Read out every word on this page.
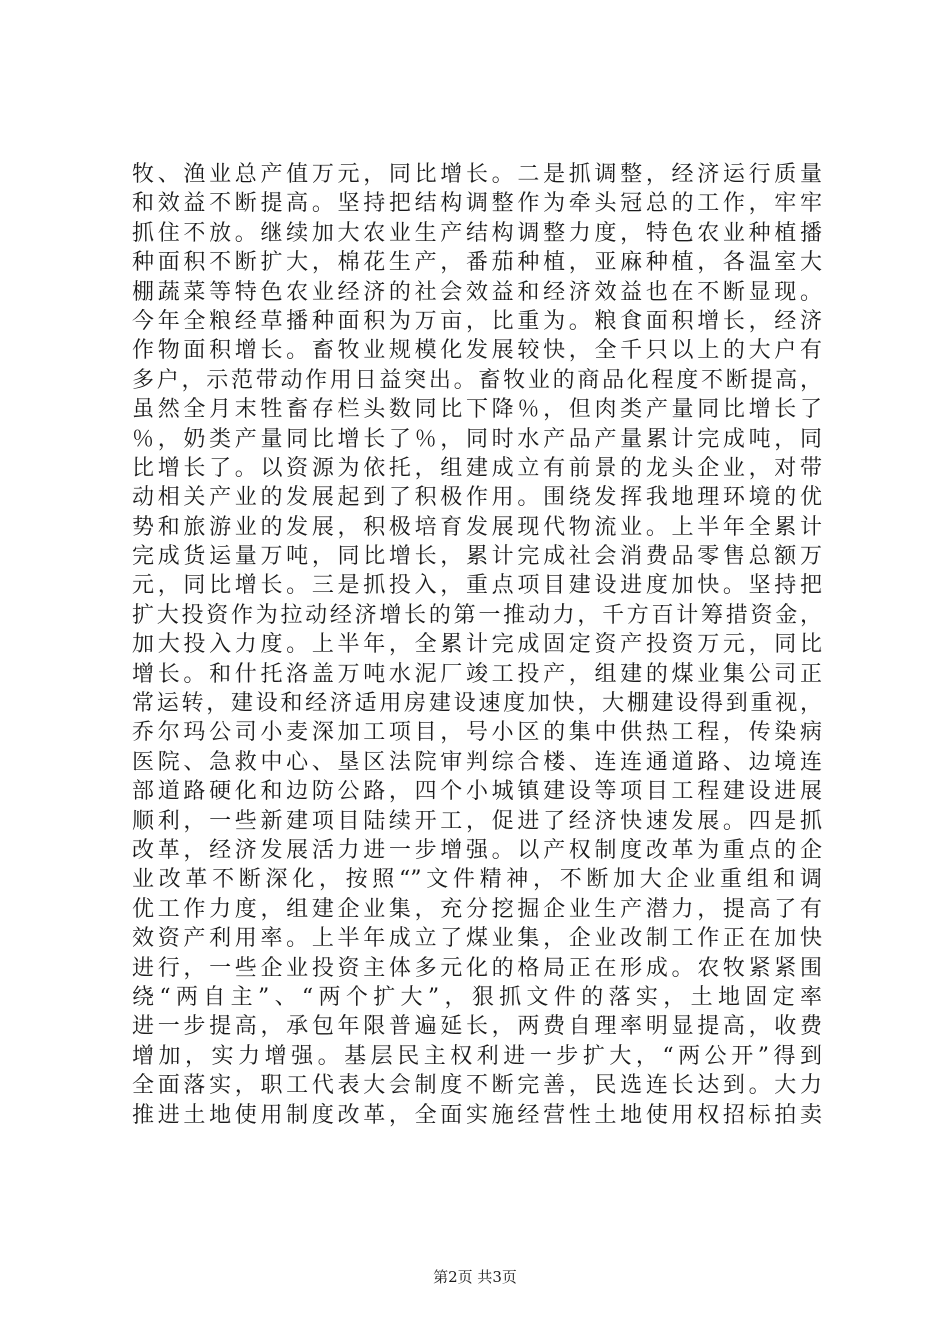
牧、渔业总产值万元，同比增长。二是抓调整，经济运行质量
和效益不断提高。坚持把结构调整作为牵头冠总的工作，牢牢
抓住不放。继续加大农业生产结构调整力度，特色农业种植播
种面积不断扩大，棉花生产，番茄种植，亚麻种植，各温室大
棚蔬菜等特色农业经济的社会效益和经济效益也在不断显现。
今年全粮经草播种面积为万亩，比重为。粮食面积增长，经济
作物面积增长。畜牧业规模化发展较快，全千只以上的大户有
多户，示范带动作用日益突出。畜牧业的商品化程度不断提高，
虽然全月末牲畜存栏头数同比下降％，但肉类产量同比增长了
％，奶类产量同比增长了％，同时水产品产量累计完成吨，同
比增长了。以资源为依托，组建成立有前景的龙头企业，对带
动相关产业的发展起到了积极作用。围绕发挥我地理环境的优
势和旅游业的发展，积极培育发展现代物流业。上半年全累计
完成货运量万吨，同比增长，累计完成社会消费品零售总额万
元，同比增长。三是抓投入，重点项目建设进度加快。坚持把
扩大投资作为拉动经济增长的第一推动力，千方百计筹措资金，
加大投入力度。上半年，全累计完成固定资产投资万元，同比
增长。和什托洛盖万吨水泥厂竣工投产，组建的煤业集公司正
常运转，建设和经济适用房建设速度加快，大棚建设得到重视，
乔尔玛公司小麦深加工项目，号小区的集中供热工程，传染病
医院、急救中心、垦区法院审判综合楼、连连通道路、边境连
部道路硬化和边防公路，四个小城镇建设等项目工程建设进展
顺利，一些新建项目陆续开工，促进了经济快速发展。四是抓
改革，经济发展活力进一步增强。以产权制度改革为重点的企
业改革不断深化，按照“”文件精神，不断加大企业重组和调
优工作力度，组建企业集，充分挖掘企业生产潜力，提高了有
效资产利用率。上半年成立了煤业集，企业改制工作正在加快
进行，一些企业投资主体多元化的格局正在形成。农牧紧紧围
绕“两自主”、“两个扩大”，狠抓文件的落实，土地固定率
进一步提高，承包年限普遍延长，两费自理率明显提高，收费
增加，实力增强。基层民主权利进一步扩大，“两公开”得到
全面落实，职工代表大会制度不断完善，民选连长达到。大力
推进土地使用制度改革，全面实施经营性土地使用权招标拍卖
第2页 共3页
